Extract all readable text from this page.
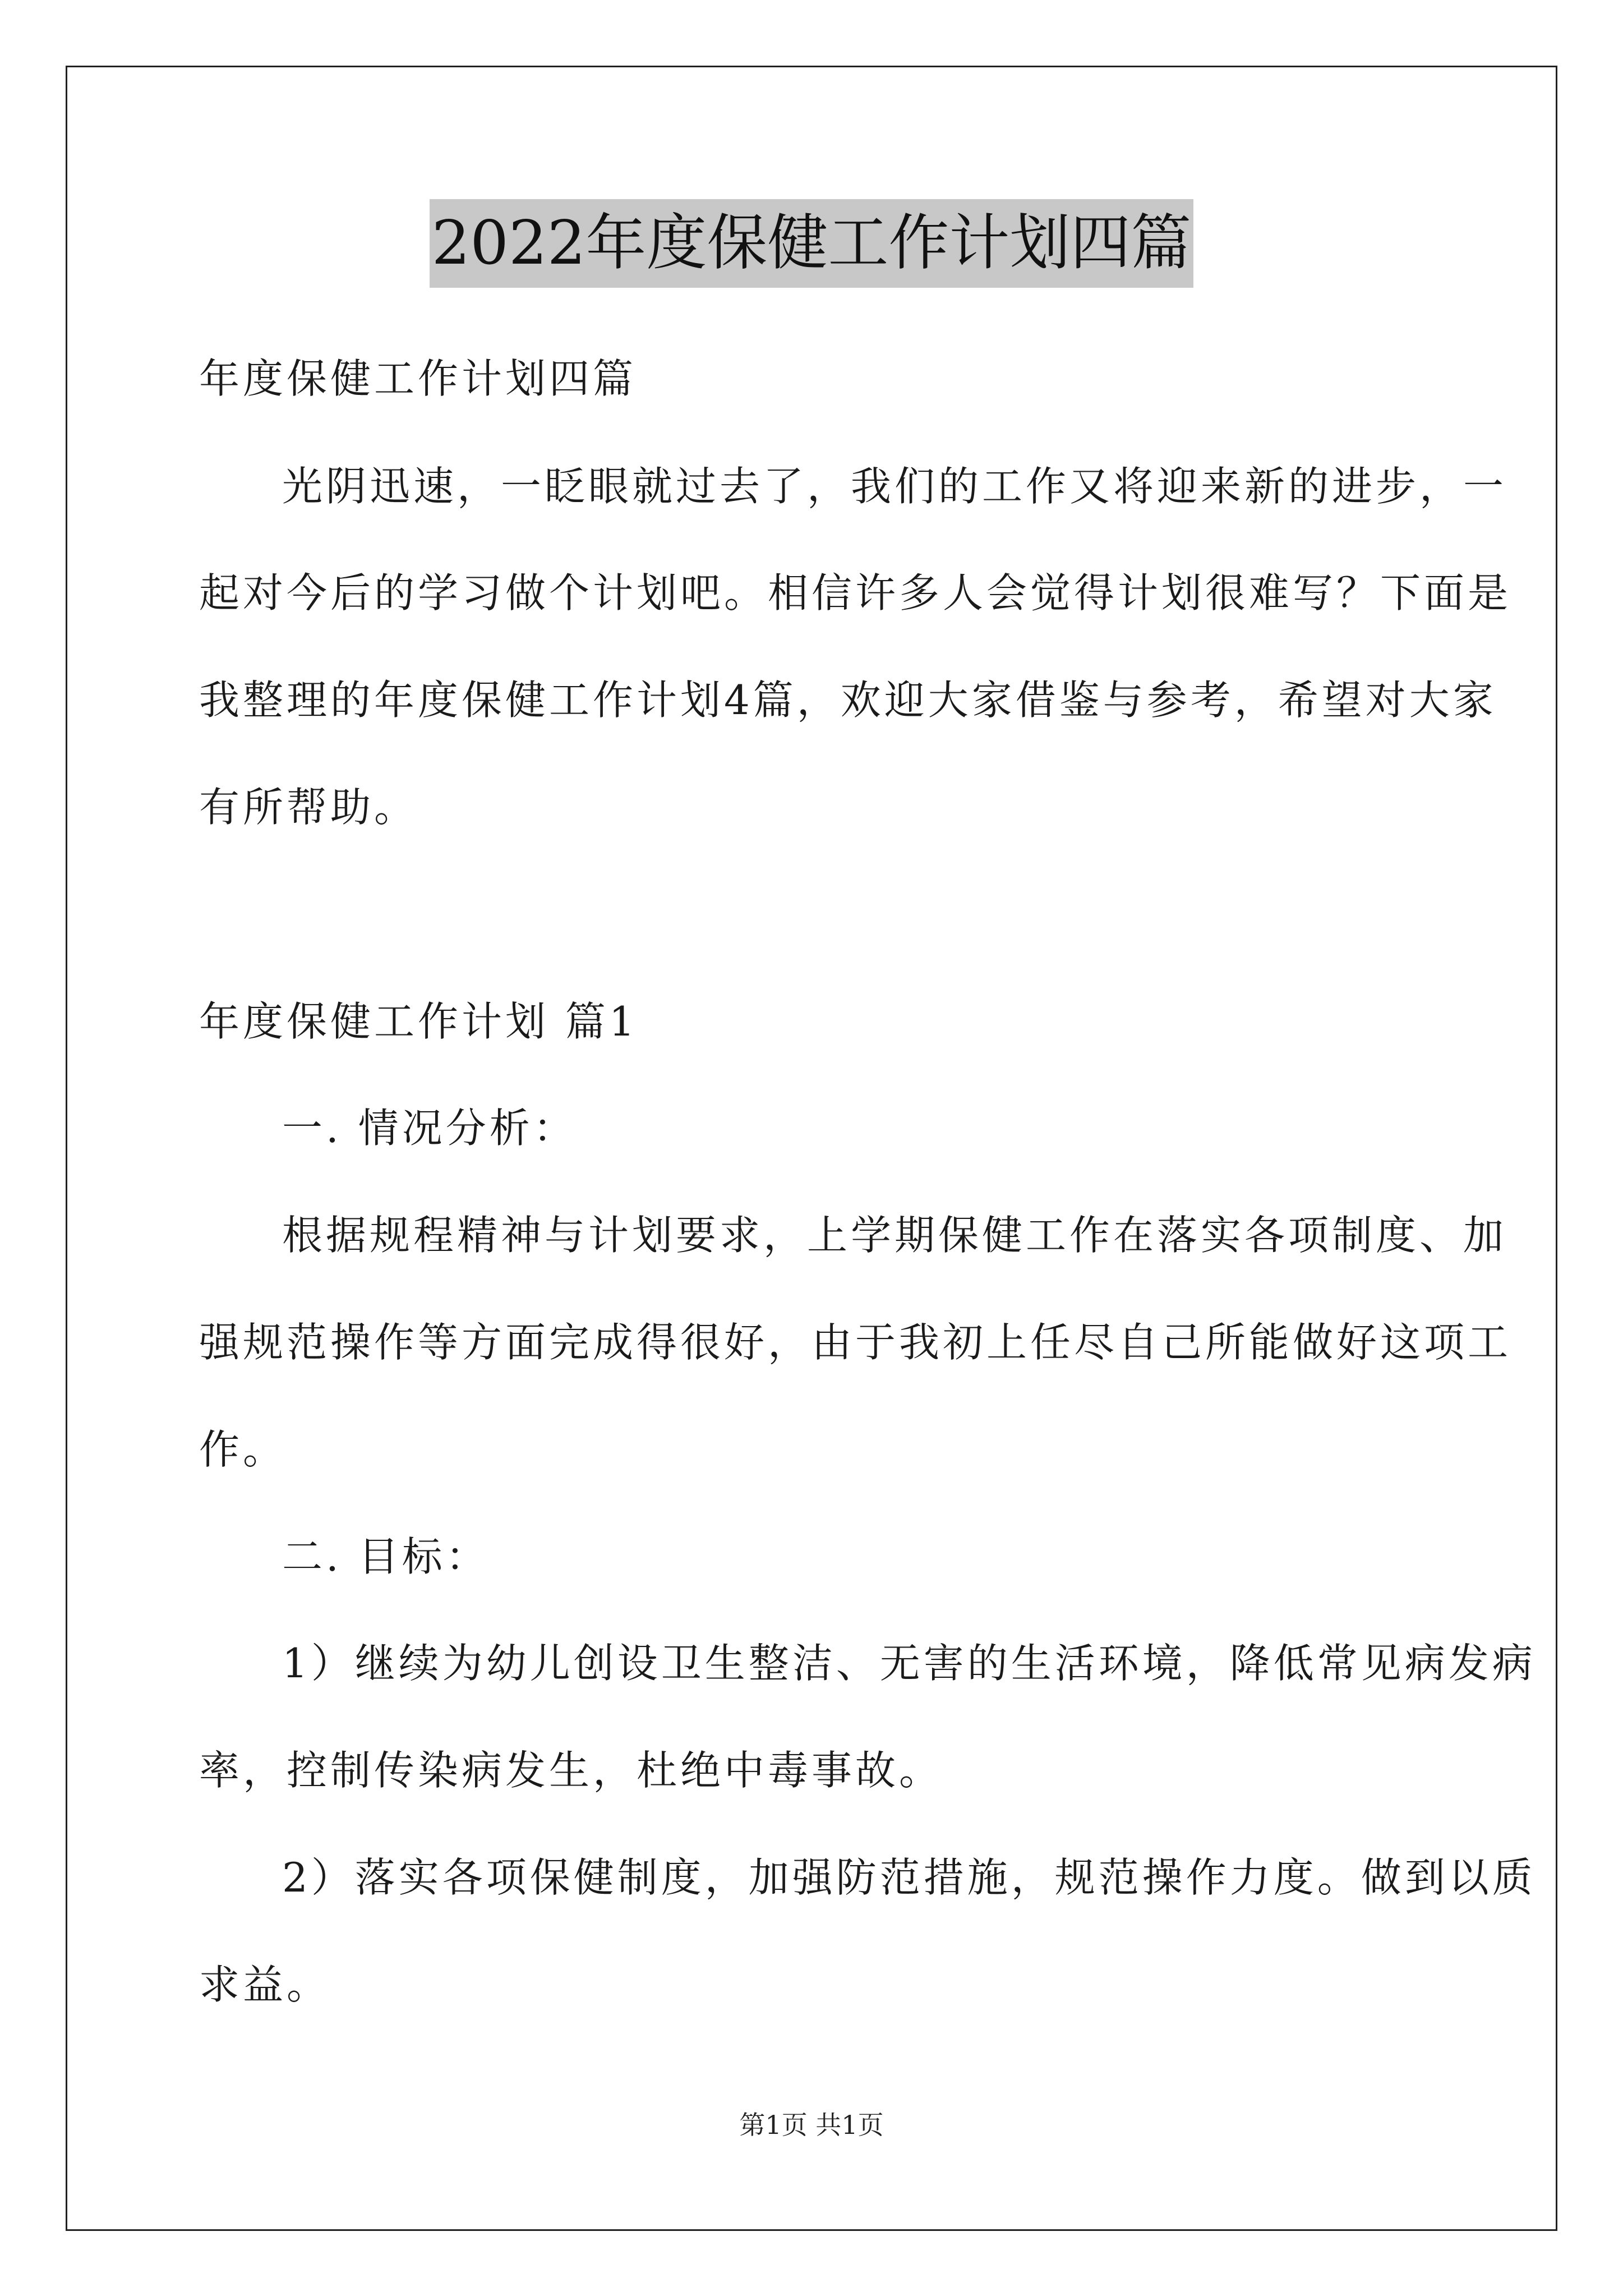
2022年度保健工作计划四篇
年度保健工作计划四篇
光阴迅速，一眨眼就过去了，我们的工作又将迎来新的进步，一
起对今后的学习做个计划吧。相信许多人会觉得计划很难写？下面是
我整理的年度保健工作计划4篇，欢迎大家借鉴与参考，希望对大家
有所帮助。
年度保健工作计划 篇1
一. 情况分析：
根据规程精神与计划要求，上学期保健工作在落实各项制度、加
强规范操作等方面完成得很好，由于我初上任尽自己所能做好这项工
作。
二. 目标：
1）继续为幼儿创设卫生整洁、无害的生活环境，降低常见病发病
率，控制传染病发生，杜绝中毒事故。
2）落实各项保健制度，加强防范措施，规范操作力度。做到以质
求益。
第1页 共1页
